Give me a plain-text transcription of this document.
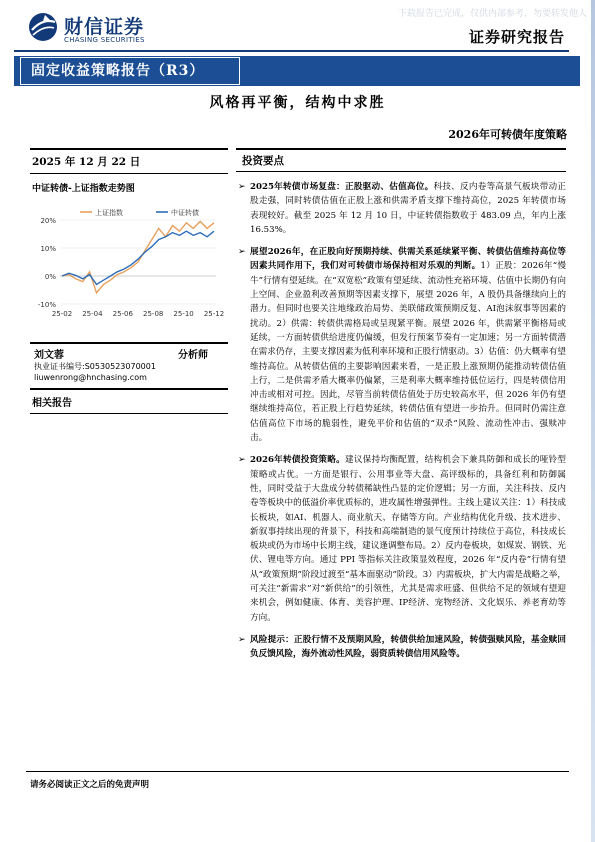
下载报告已完成，仅供内部参考，勿要转发他人
财信证券
CHASING SECURITIES	证券研究报告
固定收益策略报告（R3）
风格再平衡，结构中求胜
2026年可转债年度策略
2025 年 12 月 22 日
中证转债-上证指数走势图
20%
10%
0%
-10%
25-02 25-04 25-06 25-08 25-10 25-12
上证指数	中证转债
刘文蓉	分析师
执业证书编号:S0530523070001
liuwenrong@hnchasing.com
相关报告
投资要点
➢ 2025年转债市场复盘：正股驱动、估值高位。科技、反内卷等高景气板块带动正股走强，同时转债估值在正股上涨和供需矛盾支撑下维持高位，2025 年转债市场表现较好。截至 2025 年 12 月 10 日，中证转债指数收于 483.09 点，年内上涨 16.53%。
➢ 展望2026年，在正股向好预期持续、供需关系延续紧平衡、转债估值维持高位等因素共同作用下，我们对可转债市场保持相对乐观的判断。1）正股：2026年“慢牛”行情有望延续。在“双宽松”政策有望延续、流动性充裕环境、估值中长期仍有向上空间、企业盈利改善预期等因素支撑下，展望 2026 年，A 股仍具备继续向上的潜力。但同时也要关注地缘政治局势、美联储政策预期反复、AI泡沫叙事等因素的扰动。2）供需：转债供需格局或呈现紧平衡。展望 2026 年，供需紧平衡格局或延续，一方面转债供给进度仍偏缓，但发行预案节奏有一定加速；另一方面转债潜在需求仍存，主要支撑因素为低利率环境和正股行情驱动。3）估值：仍大概率有望维持高位。从转债估值的主要影响因素来看，一是正股上涨预期仍能推动转债估值上行，二是供需矛盾大概率仍偏紧，三是利率大概率维持低位运行，四是转债信用冲击或相对可控。因此，尽管当前转债估值处于历史较高水平，但 2026 年仍有望继续维持高位，若正股上行趋势延续，转债估值有望进一步抬升。但同时仍需注意估值高位下市场的脆弱性，避免平价和估值的“双杀”风险、流动性冲击、强赎冲击。
➢ 2026年转债投资策略。建议保持均衡配置，结构机会下兼具防御和成长的哑铃型策略或占优。一方面是银行、公用事业等大盘、高评级标的，具备红利和防御属性，同时受益于大盘成分转债稀缺性凸显的定价逻辑；另一方面，关注科技、反内卷等板块中的低溢价率优质标的，进攻属性增强弹性。主线上建议关注：1）科技成长板块，如AI、机器人、商业航天、存储等方向。产业结构优化升级、技术进步、新叙事持续出现的背景下，科技和高端制造的景气度预计持续位于高位，科技成长板块或仍为市场中长期主线，建议逢调整布局。2）反内卷板块，如煤炭、钢铁、光伏、锂电等方向。通过 PPI 等指标关注政策显效程度，2026 年“反内卷”行情有望从“政策预期”阶段过渡至“基本面驱动”阶段。3）内需板块，扩大内需是战略之举，可关注“新需求”对“新供给”的引领性，尤其是需求旺盛、但供给不足的领域有望迎来机会，例如健康、体育、美容护理、IP经济、宠物经济、文化娱乐、养老育幼等方向。
➢ 风险提示：正股行情不及预期风险，转债供给加速风险，转债强赎风险，基金赎回负反馈风险，海外流动性风险，弱资质转债信用风险等。
请务必阅读正文之后的免责声明
